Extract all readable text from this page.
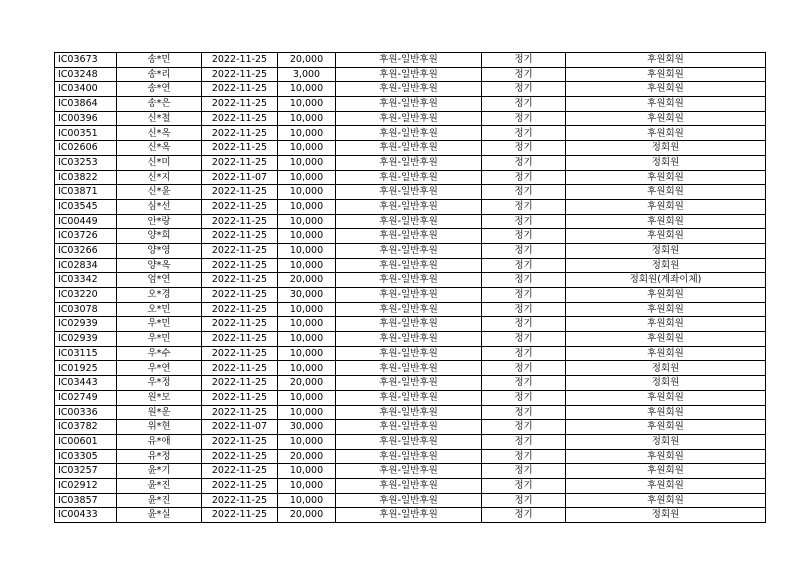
IC03673	송*민	2022-11-25	20,000	후원-일반후원	정기	후원회원
IC03248	송*리	2022-11-25	3,000	후원-일반후원	정기	후원회원
IC03400	송*연	2022-11-25	10,000	후원-일반후원	정기	후원회원
IC03864	송*은	2022-11-25	10,000	후원-일반후원	정기	후원회원
IC00396	신*철	2022-11-25	10,000	후원-일반후원	정기	후원회원
IC00351	신*옥	2022-11-25	10,000	후원-일반후원	정기	후원회원
IC02606	신*옥	2022-11-25	10,000	후원-일반후원	정기	정회원
IC03253	신*미	2022-11-25	10,000	후원-일반후원	정기	정회원
IC03822	신*지	2022-11-07	10,000	후원-일반후원	정기	후원회원
IC03871	신*윤	2022-11-25	10,000	후원-일반후원	정기	후원회원
IC03545	심*선	2022-11-25	10,000	후원-일반후원	정기	후원회원
IC00449	안*랑	2022-11-25	10,000	후원-일반후원	정기	후원회원
IC03726	양*희	2022-11-25	10,000	후원-일반후원	정기	후원회원
IC03266	양*영	2022-11-25	10,000	후원-일반후원	정기	정회원
IC02834	양*옥	2022-11-25	10,000	후원-일반후원	정기	정회원
IC03342	엄*연	2022-11-25	20,000	후원-일반후원	정기	정회원(계좌이체)
IC03220	오*경	2022-11-25	30,000	후원-일반후원	정기	후원회원
IC03078	오*민	2022-11-25	10,000	후원-일반후원	정기	후원회원
IC02939	우*민	2022-11-25	10,000	후원-일반후원	정기	후원회원
IC02939	우*민	2022-11-25	10,000	후원-일반후원	정기	후원회원
IC03115	우*수	2022-11-25	10,000	후원-일반후원	정기	후원회원
IC01925	우*연	2022-11-25	10,000	후원-일반후원	정기	정회원
IC03443	우*정	2022-11-25	20,000	후원-일반후원	정기	정회원
IC02749	원*모	2022-11-25	10,000	후원-일반후원	정기	후원회원
IC00336	원*운	2022-11-25	10,000	후원-일반후원	정기	후원회원
IC03782	위*현	2022-11-07	30,000	후원-일반후원	정기	후원회원
IC00601	유*애	2022-11-25	10,000	후원-일반후원	정기	정회원
IC03305	유*정	2022-11-25	20,000	후원-일반후원	정기	후원회원
IC03257	윤*기	2022-11-25	10,000	후원-일반후원	정기	후원회원
IC02912	윤*진	2022-11-25	10,000	후원-일반후원	정기	후원회원
IC03857	윤*진	2022-11-25	10,000	후원-일반후원	정기	후원회원
IC00433	윤*실	2022-11-25	20,000	후원-일반후원	정기	정회원
